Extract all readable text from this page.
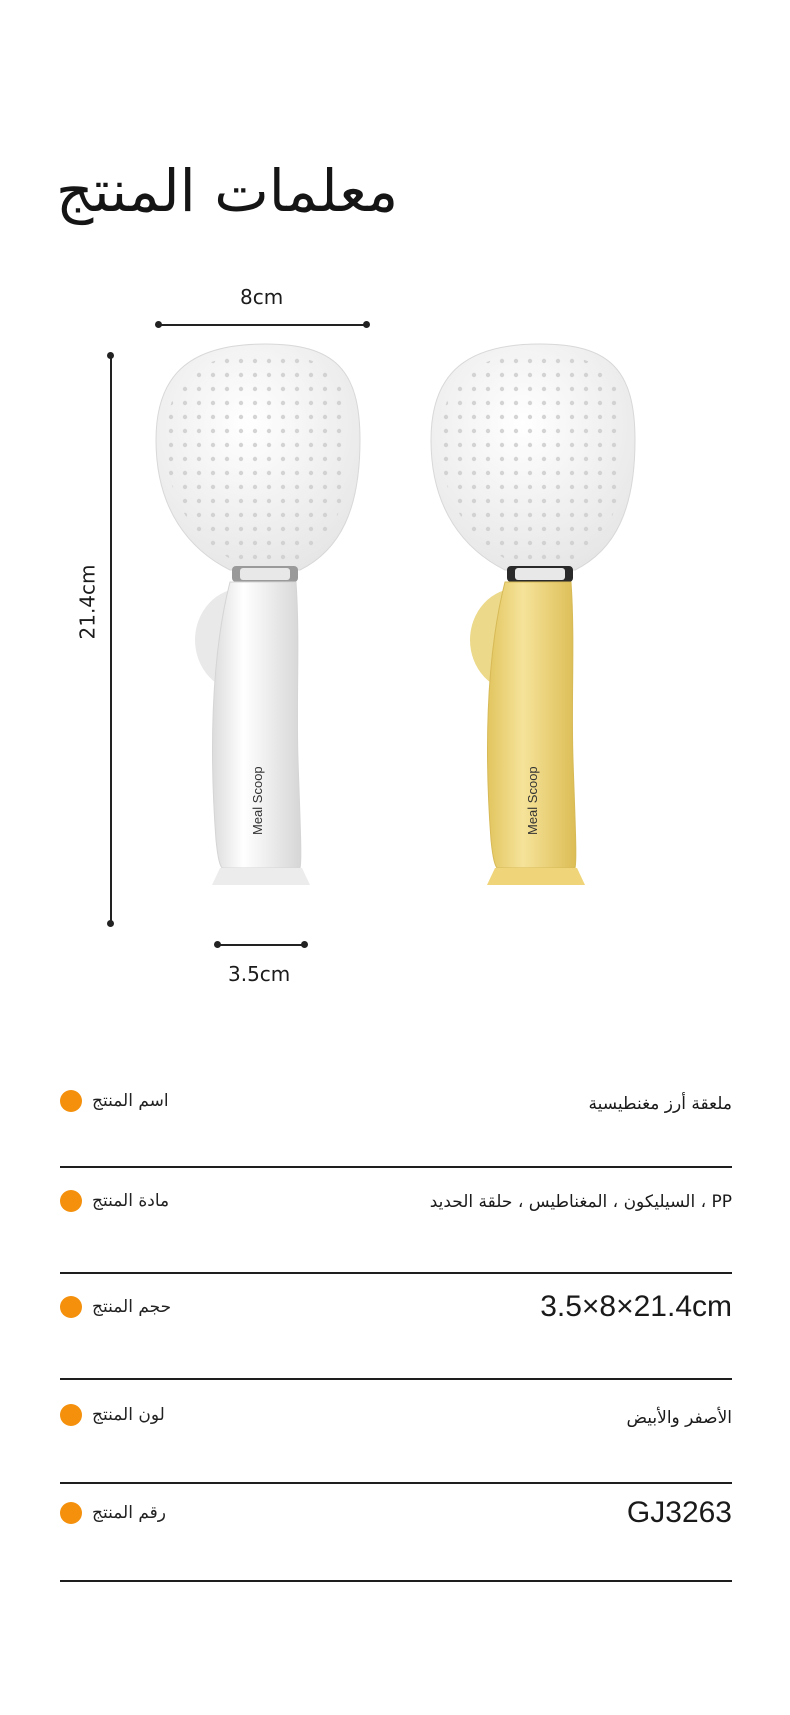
معلمات المنتج
8cm
21.4cm
3.5cm
Meal Scoop	Meal Scoop
اسم المنتج	ملعقة أرز مغنطيسية
مادة المنتج	PP ، السيليكون ، المغناطيس ، حلقة الحديد
حجم المنتج	3.5×8×21.4cm
لون المنتج	الأصفر والأبيض
رقم المنتج	GJ3263
